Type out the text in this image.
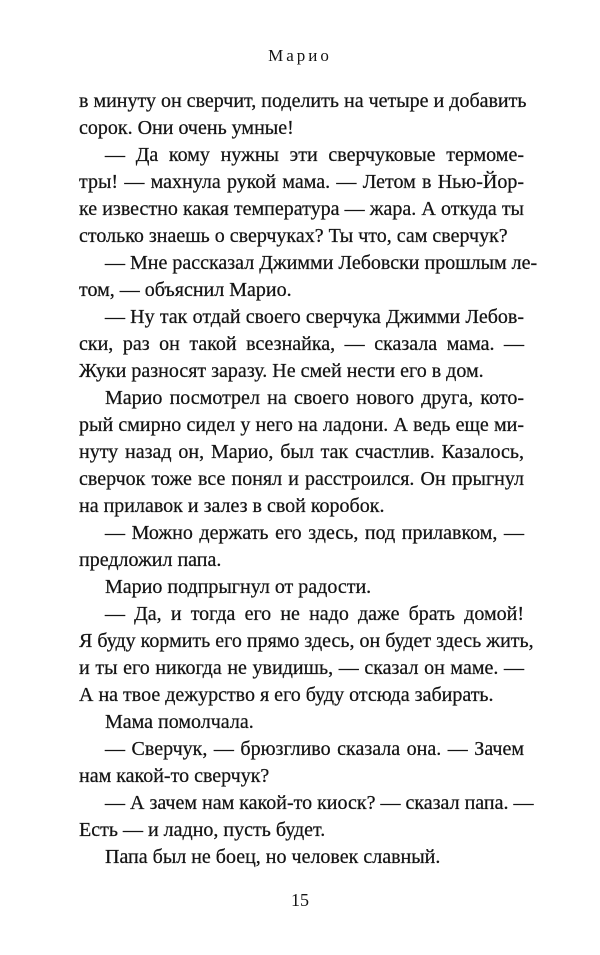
Марио
в минуту он сверчит, поделить на четыре и добавить
сорок. Они очень умные!
— Да кому нужны эти сверчуковые термоме-
тры! — махнула рукой мама. — Летом в Нью-Йор-
ке известно какая температура — жара. А откуда ты
столько знаешь о сверчуках? Ты что, сам сверчук?
— Мне рассказал Джимми Лебовски прошлым ле-
том, — объяснил Марио.
— Ну так отдай своего сверчука Джимми Лебов-
ски, раз он такой всезнайка, — сказала мама. —
Жуки разносят заразу. Не смей нести его в дом.
Марио посмотрел на своего нового друга, кото-
рый смирно сидел у него на ладони. А ведь еще ми-
нуту назад он, Марио, был так счастлив. Казалось,
сверчок тоже все понял и расстроился. Он прыгнул
на прилавок и залез в свой коробок.
— Можно держать его здесь, под прилавком, —
предложил папа.
Марио подпрыгнул от радости.
— Да, и тогда его не надо даже брать домой!
Я буду кормить его прямо здесь, он будет здесь жить,
и ты его никогда не увидишь, — сказал он маме. —
А на твое дежурство я его буду отсюда забирать.
Мама помолчала.
— Сверчук, — брюзгливо сказала она. — Зачем
нам какой-то сверчук?
— А зачем нам какой-то киоск? — сказал папа. —
Есть — и ладно, пусть будет.
Папа был не боец, но человек славный.
15
